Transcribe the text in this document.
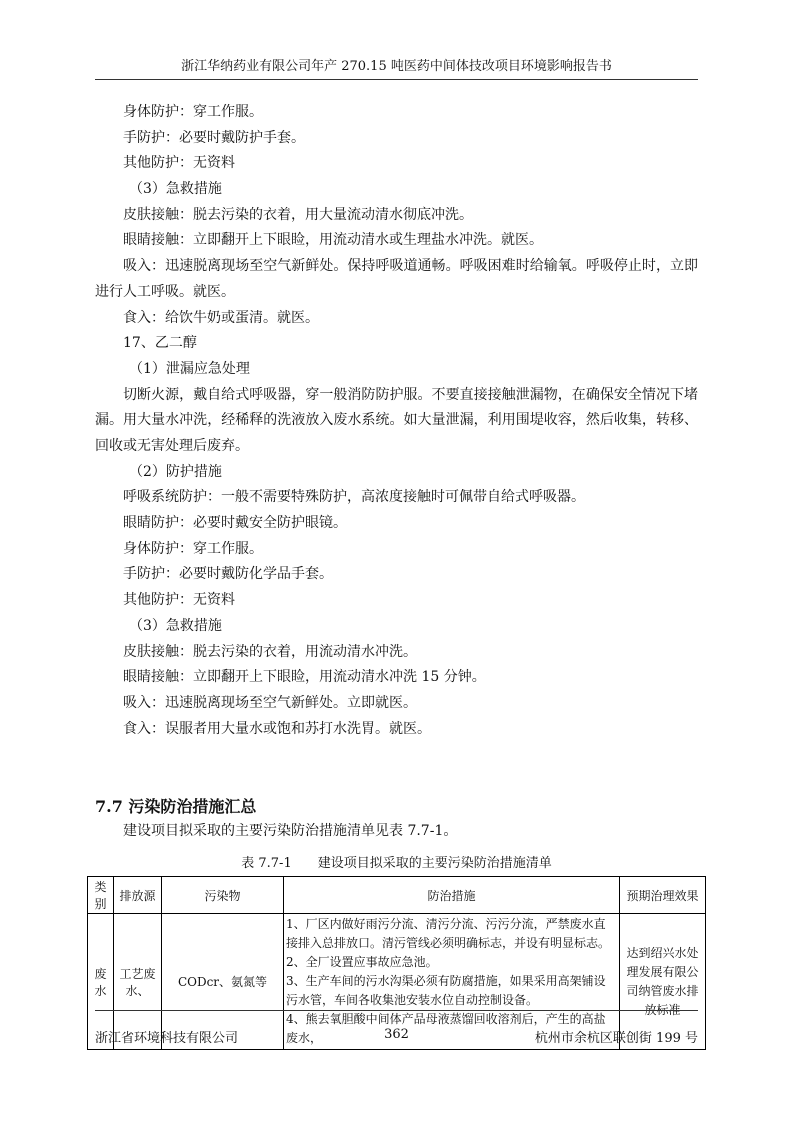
浙江华纳药业有限公司年产 270.15 吨医药中间体技改项目环境影响报告书
身体防护：穿工作服。
手防护：必要时戴防护手套。
其他防护：无资料
（3）急救措施
皮肤接触：脱去污染的衣着，用大量流动清水彻底冲洗。
眼睛接触：立即翻开上下眼睑，用流动清水或生理盐水冲洗。就医。
吸入：迅速脱离现场至空气新鲜处。保持呼吸道通畅。呼吸困难时给输氧。呼吸停止时，立即进行人工呼吸。就医。
食入：给饮牛奶或蛋清。就医。
17、乙二醇
（1）泄漏应急处理
切断火源，戴自给式呼吸器，穿一般消防防护服。不要直接接触泄漏物，在确保安全情况下堵漏。用大量水冲洗，经稀释的洗液放入废水系统。如大量泄漏，利用围堤收容，然后收集，转移、回收或无害处理后废弃。
（2）防护措施
呼吸系统防护：一般不需要特殊防护，高浓度接触时可佩带自给式呼吸器。
眼睛防护：必要时戴安全防护眼镜。
身体防护：穿工作服。
手防护：必要时戴防化学品手套。
其他防护：无资料
（3）急救措施
皮肤接触：脱去污染的衣着，用流动清水冲洗。
眼睛接触：立即翻开上下眼睑，用流动清水冲洗 15 分钟。
吸入：迅速脱离现场至空气新鲜处。立即就医。
食入：误服者用大量水或饱和苏打水洗胃。就医。
7.7 污染防治措施汇总
建设项目拟采取的主要污染防治措施清单见表 7.7-1。
表 7.7-1　　建设项目拟采取的主要污染防治措施清单
类别	排放源	污染物	防治措施	预期治理效果
废水	工艺废水、	CODcr、氨氮等	1、厂区内做好雨污分流、清污分流、污污分流，严禁废水直接排入总排放口。清污管线必须明确标志，并设有明显标志。
2、全厂设置应事故应急池。
3、生产车间的污水沟渠必须有防腐措施，如果采用高架铺设污水管，车间各收集池安装水位自动控制设备。
4、熊去氧胆酸中间体产品母液蒸馏回收溶剂后，产生的高盐废水，	达到绍兴水处理发展有限公司纳管废水排放标准
浙江省环境科技有限公司	362	杭州市余杭区联创街 199 号
